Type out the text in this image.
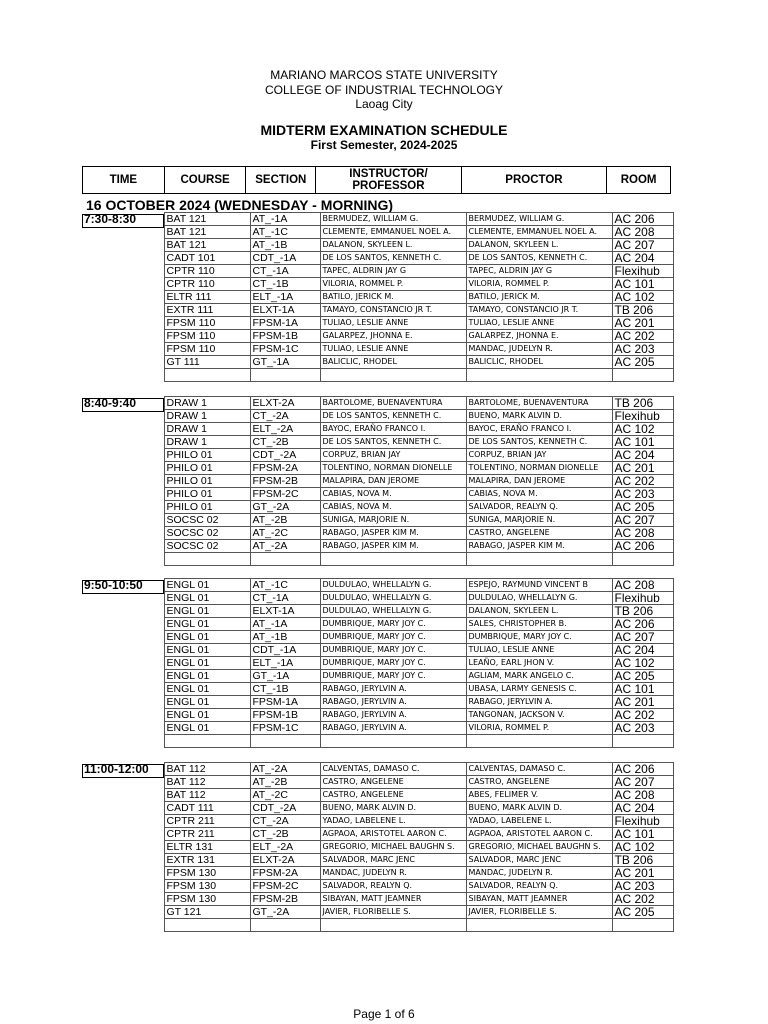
MARIANO MARCOS STATE UNIVERSITY
COLLEGE OF INDUSTRIAL TECHNOLOGY
Laoag City
MIDTERM EXAMINATION SCHEDULE
First Semester, 2024-2025
TIME	COURSE	SECTION	INSTRUCTOR/ PROFESSOR	PROCTOR	ROOM
16 OCTOBER 2024 (WEDNESDAY - MORNING)
7:30-8:30	BAT 121	AT_-1A	BERMUDEZ, WILLIAM G.	BERMUDEZ, WILLIAM G.	AC 206
	BAT 121	AT_-1C	CLEMENTE, EMMANUEL NOEL A.	CLEMENTE, EMMANUEL NOEL A.	AC 208
	BAT 121	AT_-1B	DALANON, SKYLEEN L.	DALANON, SKYLEEN L.	AC 207
	CADT 101	CDT_-1A	DE LOS SANTOS, KENNETH C.	DE LOS SANTOS, KENNETH C.	AC 204
	CPTR 110	CT_-1A	TAPEC, ALDRIN JAY G	TAPEC, ALDRIN JAY G	Flexihub
	CPTR 110	CT_-1B	VILORIA, ROMMEL P.	VILORIA, ROMMEL P.	AC 101
	ELTR 111	ELT_-1A	BATILO, JERICK M.	BATILO, JERICK M.	AC 102
	EXTR 111	ELXT-1A	TAMAYO, CONSTANCIO JR T.	TAMAYO, CONSTANCIO JR T.	TB 206
	FPSM 110	FPSM-1A	TULIAO, LESLIE ANNE	TULIAO, LESLIE ANNE	AC 201
	FPSM 110	FPSM-1B	GALARPEZ, JHONNA E.	GALARPEZ, JHONNA E.	AC 202
	FPSM 110	FPSM-1C	TULIAO, LESLIE ANNE	MANDAC, JUDELYN R.	AC 203
	GT 111	GT_-1A	BALICLIC, RHODEL	BALICLIC, RHODEL	AC 205

8:40-9:40	DRAW 1	ELXT-2A	BARTOLOME, BUENAVENTURA	BARTOLOME, BUENAVENTURA	TB 206
	DRAW 1	CT_-2A	DE LOS SANTOS, KENNETH C.	BUENO, MARK ALVIN D.	Flexihub
	DRAW 1	ELT_-2A	BAYOC, ERAÑO FRANCO I.	BAYOC, ERAÑO FRANCO I.	AC 102
	DRAW 1	CT_-2B	DE LOS SANTOS, KENNETH C.	DE LOS SANTOS, KENNETH C.	AC 101
	PHILO 01	CDT_-2A	CORPUZ, BRIAN JAY	CORPUZ, BRIAN JAY	AC 204
	PHILO 01	FPSM-2A	TOLENTINO, NORMAN DIONELLE	TOLENTINO, NORMAN DIONELLE	AC 201
	PHILO 01	FPSM-2B	MALAPIRA, DAN JEROME	MALAPIRA, DAN JEROME	AC 202
	PHILO 01	FPSM-2C	CABIAS, NOVA M.	CABIAS, NOVA M.	AC 203
	PHILO 01	GT_-2A	CABIAS, NOVA M.	SALVADOR, REALYN Q.	AC 205
	SOCSC 02	AT_-2B	SUNIGA, MARJORIE N.	SUNIGA, MARJORIE N.	AC 207
	SOCSC 02	AT_-2C	RABAGO, JASPER KIM M.	CASTRO, ANGELENE	AC 208
	SOCSC 02	AT_-2A	RABAGO, JASPER KIM M.	RABAGO, JASPER KIM M.	AC 206

9:50-10:50	ENGL 01	AT_-1C	DULDULAO, WHELLALYN G.	ESPEJO, RAYMUND VINCENT B	AC 208
	ENGL 01	CT_-1A	DULDULAO, WHELLALYN G.	DULDULAO, WHELLALYN G.	Flexihub
	ENGL 01	ELXT-1A	DULDULAO, WHELLALYN G.	DALANON, SKYLEEN L.	TB 206
	ENGL 01	AT_-1A	DUMBRIQUE, MARY JOY C.	SALES, CHRISTOPHER B.	AC 206
	ENGL 01	AT_-1B	DUMBRIQUE, MARY JOY C.	DUMBRIQUE, MARY JOY C.	AC 207
	ENGL 01	CDT_-1A	DUMBRIQUE, MARY JOY C.	TULIAO, LESLIE ANNE	AC 204
	ENGL 01	ELT_-1A	DUMBRIQUE, MARY JOY C.	LEAÑO, EARL JHON V.	AC 102
	ENGL 01	GT_-1A	DUMBRIQUE, MARY JOY C.	AGLIAM, MARK ANGELO C.	AC 205
	ENGL 01	CT_-1B	RABAGO, JERYLVIN A.	UBASA, LARMY GENESIS C.	AC 101
	ENGL 01	FPSM-1A	RABAGO, JERYLVIN A.	RABAGO, JERYLVIN A.	AC 201
	ENGL 01	FPSM-1B	RABAGO, JERYLVIN A.	TANGONAN, JACKSON V.	AC 202
	ENGL 01	FPSM-1C	RABAGO, JERYLVIN A.	VILORIA, ROMMEL P.	AC 203

11:00-12:00	BAT 112	AT_-2A	CALVENTAS, DAMASO C.	CALVENTAS, DAMASO C.	AC 206
	BAT 112	AT_-2B	CASTRO, ANGELENE	CASTRO, ANGELENE	AC 207
	BAT 112	AT_-2C	CASTRO, ANGELENE	ABES, FELIMER V.	AC 208
	CADT 111	CDT_-2A	BUENO, MARK ALVIN D.	BUENO, MARK ALVIN D.	AC 204
	CPTR 211	CT_-2A	YADAO, LABELENE L.	YADAO, LABELENE L.	Flexihub
	CPTR 211	CT_-2B	AGPAOA, ARISTOTEL AARON C.	AGPAOA, ARISTOTEL AARON C.	AC 101
	ELTR 131	ELT_-2A	GREGORIO, MICHAEL BAUGHN S.	GREGORIO, MICHAEL BAUGHN S.	AC 102
	EXTR 131	ELXT-2A	SALVADOR, MARC JENC	SALVADOR, MARC JENC	TB 206
	FPSM 130	FPSM-2A	MANDAC, JUDELYN R.	MANDAC, JUDELYN R.	AC 201
	FPSM 130	FPSM-2C	SALVADOR, REALYN Q.	SALVADOR, REALYN Q.	AC 203
	FPSM 130	FPSM-2B	SIBAYAN, MATT JEAMNER	SIBAYAN, MATT JEAMNER	AC 202
	GT 121	GT_-2A	JAVIER, FLORIBELLE S.	JAVIER, FLORIBELLE S.	AC 205

Page 1 of 6
